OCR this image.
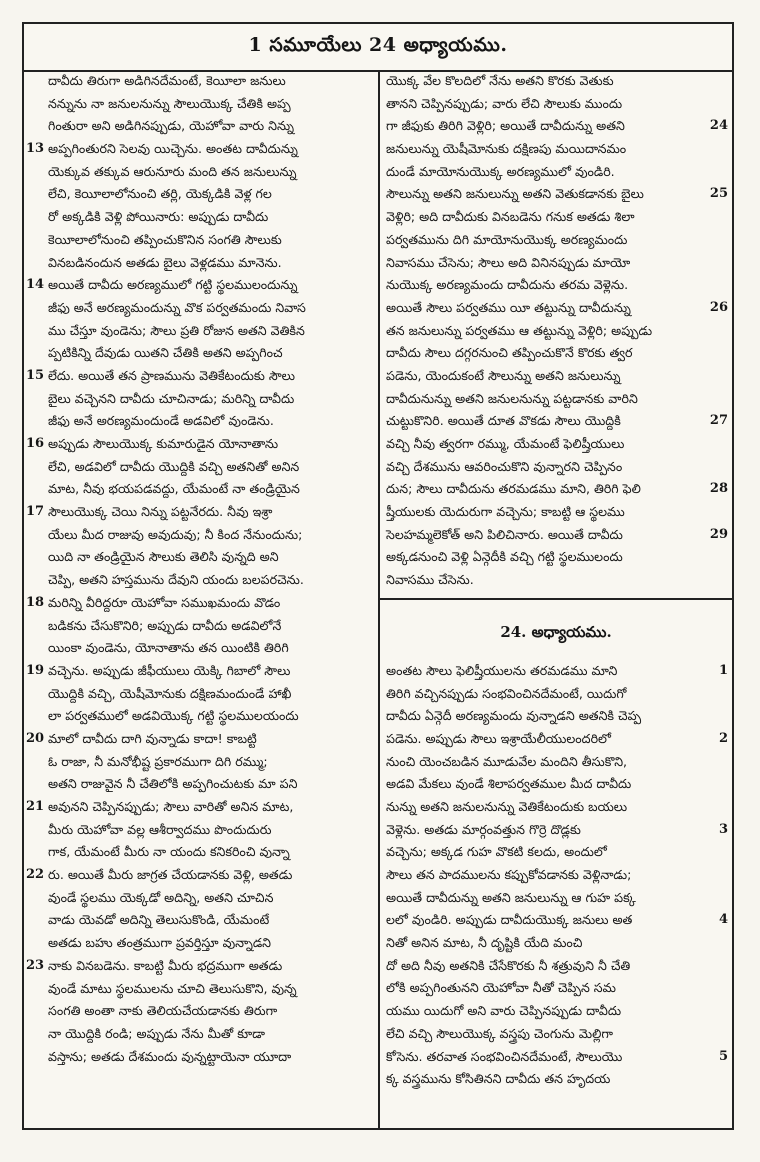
1 సమూయేలు 24 అధ్యాయము.
దావీదు తిరుగా అడిగినదేమంటే, కెయీలా జనులు
నన్నును నా జనులనున్ను సౌలుయొక్క చేతికి అప్ప
గింతురా అని అడిగినప్పుడు, యెహోవా వారు నిన్ను
అప్పగింతురని సెలవు యిచ్చెను. అంతట దావీదున్ను
13
యెక్కువ తక్కువ ఆరునూరు మంది తన జనులున్ను
లేచి, కెయీలాలోనుంచి తర్లి, యెక్కడికి వెళ్ల గల
రో అక్కడికి వెళ్లి పోయినారు: అప్పుడు దావీదు
కెయీలాలోనుంచి తప్పించుకొనిన సంగతి సౌలుకు
వినబడినందున అతడు బైలు వెళ్లడము మానెను.
అయితే దావీదు అరణ్యములో గట్టి స్థలములందున్ను
14
జీఫు అనే అరణ్యమందున్ను వొక పర్వతమందు నివాస
ము చేస్తూ వుండెను; సౌలు ప్రతి రోజున అతని వెతికిన
ప్పటికిన్ని దేవుడు యితని చేతికి అతని అప్పగించ
లేదు. అయితే తన ప్రాణమును వెతికేటందుకు సౌలు
15
బైలు వచ్చెనని దావీదు చూచినాడు; మరిన్ని దావీదు
జీఫు అనే అరణ్యమందుండే అడవిలో వుండెను.
అప్పుడు సౌలుయొక్క కుమారుడైన యోనాతాను
16
లేచి, అడవిలో దావీదు యొద్దికి వచ్చి అతనితో అనిన
మాట, నీవు భయపడవద్దు, యేమంటే నా తండ్రియైన
సౌలుయొక్క చెయి నిన్ను పట్టనేరదు. నీవు ఇశ్రా
17
యేలు మీద రాజువు అవుదువు; నీ కింద నేనుందును;
యిది నా తండ్రియైన సౌలుకు తెలిసి వున్నది అని
చెప్పి, అతని హస్తమును దేవుని యందు బలపరచెను.
మరిన్ని వీరిద్దరూ యెహోవా సముఖమందు వొడం
18
బడికను చేసుకొనిరి; అప్పుడు దావీదు అడవిలోనే
యింకా వుండెను, యోనాతాను తన యింటికి తిరిగి
వచ్చెను. అప్పుడు జీఫీయులు యెక్కి గిబాలో సౌలు
19
యొద్దికి వచ్చి, యెషీమోనుకు దక్షిణమందుండే హాఖీ
లా పర్వతములో అడవియొక్క గట్టి స్థలములయందు
మాలో దావీదు దాగి వున్నాడు కాదా! కాబట్టి
20
ఓ రాజా, నీ మనోభీష్ట ప్రకారముగా దిగి రమ్ము;
అతని రాజువైన నీ చేతిలోకి అప్పగించుటకు మా పని
అవునని చెప్పినప్పుడు; సౌలు వారితో అనిన మాట,
21
మీరు యెహోవా వల్ల ఆశీర్వాదము పొందుదురు
గాక, యేమంటే మీరు నా యందు కనికరించి వున్నా
రు. అయితే మీరు జాగ్రత చేయడానకు వెళ్లి, అతడు
22
వుండే స్థలము యెక్కడో అదిన్ని, అతని చూచిన
వాడు యెవడో అదిన్ని తెలుసుకొండి, యేమంటే
అతడు బహు తంత్రముగా ప్రవర్తిస్తూ వున్నాడని
నాకు వినబడెను. కాబట్టి మీరు భద్రముగా అతడు
23
వుండే మాటు స్థలములను చూచి తెలుసుకొని, వున్న
సంగతి అంతా నాకు తెలియచేయడానకు తిరుగా
నా యొద్దికి రండి; అప్పుడు నేను మీతో కూడా
వస్తాను; అతడు దేశమందు వున్నట్టాయెనా యూదా
యొక్క వేల కొలదిలో నేను అతని కొరకు వెతుకు
తానని చెప్పినప్పుడు; వారు లేచి సౌలుకు ముందు
గా జీఫుకు తిరిగి వెళ్లిరి; అయితే దావీదున్ను అతని	24
జనులున్ను యెషీమోనుకు దక్షిణపు మయిదానమం
దుండే మాయోనుయొక్క అరణ్యములో వుండిరి.
సౌలున్ను అతని జనులున్ను అతని వెతుకడానకు బైలు	25
వెళ్లిరి; అది దావీదుకు వినబడెను గనుక అతడు శిలా
పర్వతమును దిగి మాయోనుయొక్క అరణ్యమందు
నివాసము చేసెను; సౌలు అది వినినప్పుడు మాయో
నుయొక్క అరణ్యమందు దావీదును తరమ వెళ్లెను.
అయితే సౌలు పర్వతము యీ తట్టున్ను దావీదున్ను	26
తన జనులున్ను పర్వతము ఆ తట్టున్ను వెళ్లిరి; అప్పుడు
దావీదు సౌలు దగ్గరనుంచి తప్పించుకొనే కొరకు త్వర
పడెను, యెందుకంటే సౌలున్ను అతని జనులున్ను
దావీదునున్ను అతని జనులనున్ను పట్టడానకు వారిని
చుట్టుకొనిరి. అయితే దూత వొకడు సౌలు యొద్దికి	27
వచ్చి నీవు త్వరగా రమ్ము, యేమంటే ఫెలిష్తీయులు
వచ్చి దేశమును ఆవరించుకొని వున్నారని చెప్పినం
దున; సౌలు దావీదును తరమడము మాని, తిరిగి ఫెలి	28
ష్తీయులకు యెదురుగా వచ్చెను; కాబట్టి ఆ స్థలము
సెలహమ్మలెకోత్ అని పిలిచినారు. అయితే దావీదు	29
అక్కడనుంచి వెళ్లి ఏన్గెదీకి వచ్చి గట్టి స్థలములందు
నివాసము చేసెను.
24. అధ్యాయము.
అంతట సౌలు ఫెలిష్తీయులను తరమడము మాని	1
తిరిగి వచ్చినప్పుడు సంభవించినదేమంటే, యిదుగో
దావీదు ఏన్గెదీ అరణ్యమందు వున్నాడని అతనికి చెప్ప
పడెను. అప్పుడు సౌలు ఇశ్రాయేలీయులందరిలో	2
నుంచి యెంచబడిన మూడువేల మందిని తీసుకొని,
అడవి మేకలు వుండే శిలాపర్వతముల మీద దావీదు
నున్ను అతని జనులనున్ను వెతికేటందుకు బయలు
వెళ్లెను. అతడు మార్గంవత్తున గొర్రె దొడ్లకు	3
వచ్చెను; అక్కడ గుహ వొకటి కలదు, అందులో
సౌలు తన పాదములను కప్పుకోవడానకు వెళ్లినాడు;
అయితే దావీదున్ను అతని జనులున్ను ఆ గుహ పక్క
లలో వుండిరి. అప్పుడు దావీదుయొక్క జనులు అత	4
నితో అనిన మాట, నీ దృష్టికి యేది మంచి
దో అది నీవు అతనికి చేసేకొరకు నీ శత్రువుని నీ చేతి
లోకి అప్పగింతునని యెహోవా నీతో చెప్పిన సమ
యము యిదుగో అని వారు చెప్పినప్పుడు దావీదు
లేచి వచ్చి సౌలుయొక్క వస్త్రపు చెంగును మెల్లిగా
కోసెను. తరవాత సంభవించినదేమంటే, సౌలుయొ	5
క్క వస్త్రమును కోసితినని దావీదు తన హృదయ
